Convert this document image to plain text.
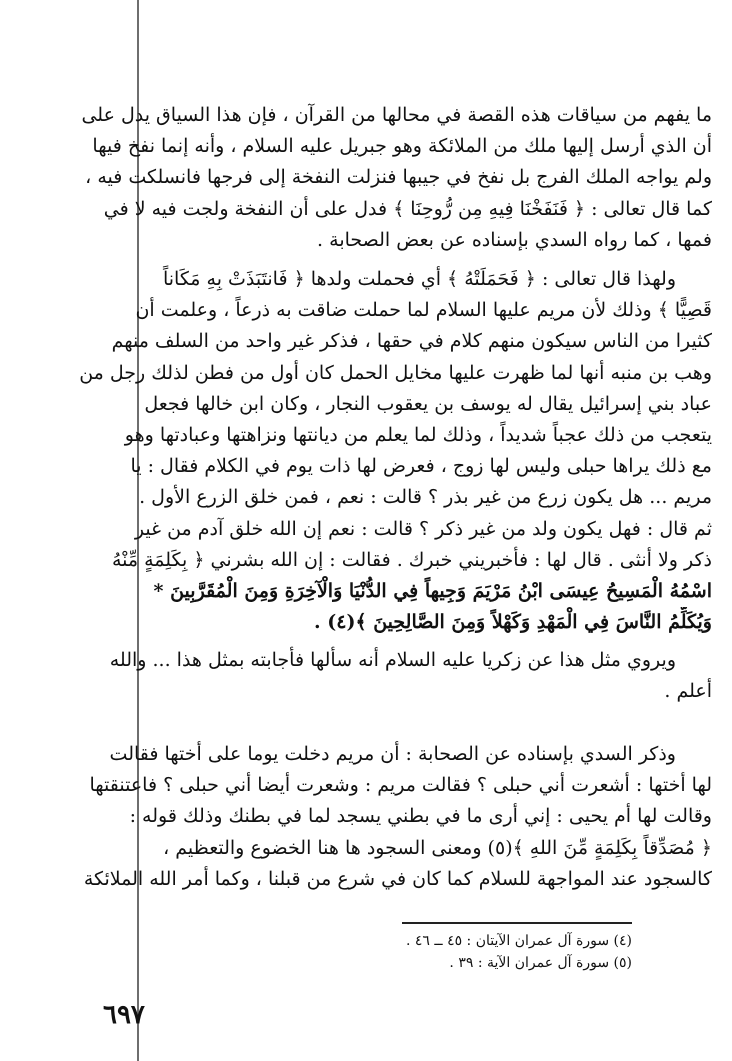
ما يفهم من سياقات هذه القصة في محالها من القرآن ، فإن هذا السياق يدل على
أن الذي أرسل إليها ملك من الملائكة وهو جبريل عليه السلام ، وأنه إنما نفخ فيها
ولم يواجه الملك الفرج بل نفخ في جيبها فنزلت النفخة إلى فرجها فانسلكت فيه ،
كما قال تعالى : ﴿ فَنَفَخْنَا فِيهِ مِن رُّوحِنَا ﴾ فدل على أن النفخة ولجت فيه لا في
فمها ، كما رواه السدي بإسناده عن بعض الصحابة .
ولهذا قال تعالى : ﴿ فَحَمَلَتْهُ ﴾ أي فحملت ولدها ﴿ فَانتَبَذَتْ بِهِ مَكَاناً
قَصِيًّا ﴾ وذلك لأن مريم عليها السلام لما حملت ضاقت به ذرعاً ، وعلمت أن
كثيرا من الناس سيكون منهم كلام في حقها ، فذكر غير واحد من السلف منهم
وهب بن منبه أنها لما ظهرت عليها مخايل الحمل كان أول من فطن لذلك رجل من
عباد بني إسرائيل يقال له يوسف بن يعقوب النجار ، وكان ابن خالها فجعل
يتعجب من ذلك عجباً شديداً ، وذلك لما يعلم من ديانتها ونزاهتها وعبادتها وهو
مع ذلك يراها حبلى وليس لها زوج ، فعرض لها ذات يوم في الكلام فقال : يا
مريم ... هل يكون زرع من غير بذر ؟ قالت : نعم ، فمن خلق الزرع الأول .
ثم قال : فهل يكون ولد من غير ذكر ؟ قالت : نعم إن الله خلق آدم من غير
ذكر ولا أنثى . قال لها : فأخبريني خبرك . فقالت : إن الله بشرني ﴿ بِكَلِمَةٍ مِّنْهُ
اسْمُهُ الْمَسِيحُ عِيسَى ابْنُ مَرْيَمَ وَجِيهاً فِي الدُّنْيَا وَالْآخِرَةِ وَمِنَ الْمُقَرَّبِينَ *
وَيُكَلِّمُ النَّاسَ فِي الْمَهْدِ وَكَهْلاً وَمِنَ الصَّالِحِينَ ﴾(٤) .
ويروي مثل هذا عن زكريا عليه السلام أنه سألها فأجابته بمثل هذا ... والله
أعلم .
وذكر السدي بإسناده عن الصحابة : أن مريم دخلت يوما على أختها فقالت
لها أختها : أشعرت أني حبلى ؟ فقالت مريم : وشعرت أيضا أني حبلى ؟ فاعتنقتها
وقالت لها أم يحيى : إني أرى ما في بطني يسجد لما في بطنك وذلك قوله :
﴿ مُصَدِّقاً بِكَلِمَةٍ مِّنَ اللهِ ﴾(٥) ومعنى السجود ها هنا الخضوع والتعظيم ،
كالسجود عند المواجهة للسلام كما كان في شرع من قبلنا ، وكما أمر الله الملائكة
(٤) سورة آل عمران الآيتان : ٤٥ ــ ٤٦ .
(٥) سورة آل عمران الآية : ٣٩ .
٦٩٧
